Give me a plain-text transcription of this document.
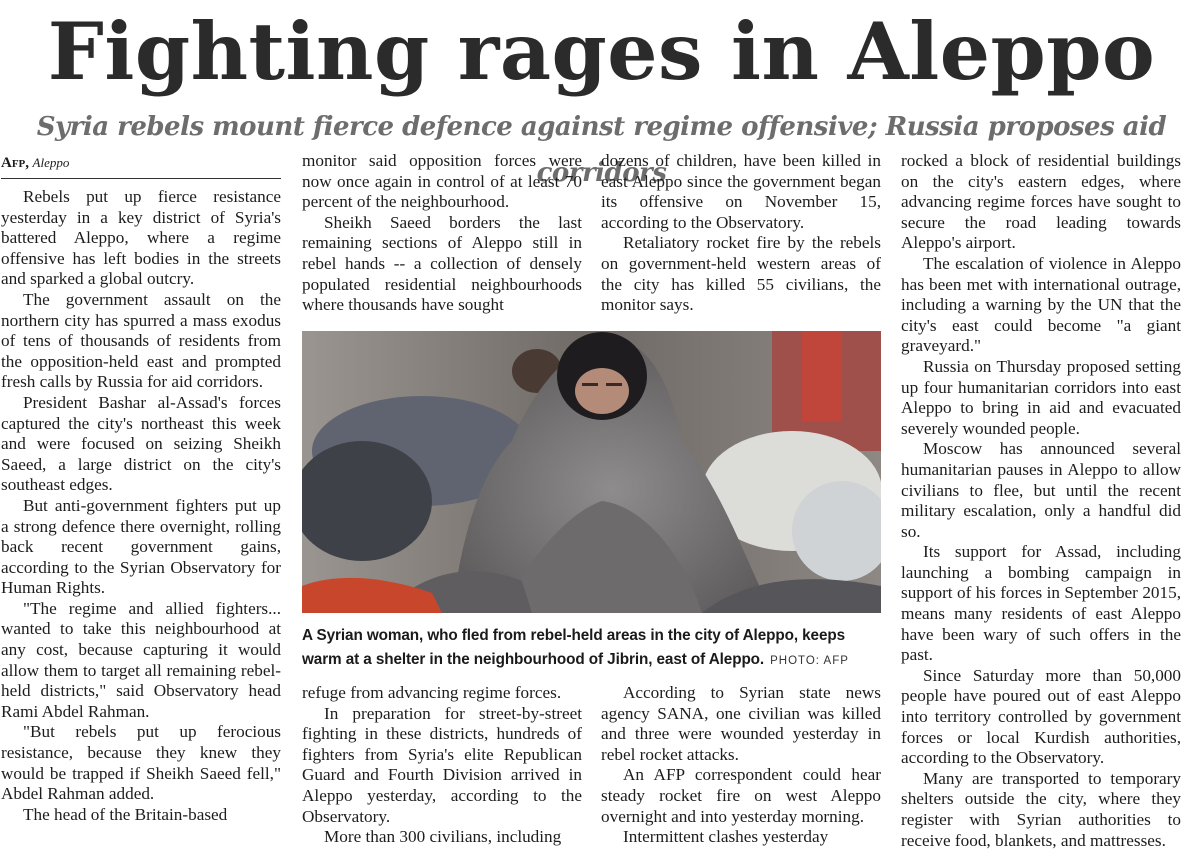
Fighting rages in Aleppo
Syria rebels mount fierce defence against regime offensive; Russia proposes aid corridors
Afp, Aleppo

Rebels put up fierce resistance yesterday in a key district of Syria's battered Aleppo, where a regime offensive has left bodies in the streets and sparked a global outcry.

The government assault on the northern city has spurred a mass exodus of tens of thousands of residents from the opposition-held east and prompted fresh calls by Russia for aid corridors.

President Bashar al-Assad's forces captured the city's northeast this week and were focused on seizing Sheikh Saeed, a large district on the city's southeast edges.

But anti-government fighters put up a strong defence there overnight, rolling back recent government gains, according to the Syrian Observatory for Human Rights.

"The regime and allied fighters... wanted to take this neighbourhood at any cost, because capturing it would allow them to target all remaining rebel-held districts," said Observatory head Rami Abdel Rahman.

"But rebels put up ferocious resistance, because they knew they would be trapped if Sheikh Saeed fell," Abdel Rahman added.

The head of the Britain-based

monitor said opposition forces were now once again in control of at least 70 percent of the neighbourhood.

Sheikh Saeed borders the last remaining sections of Aleppo still in rebel hands -- a collection of densely populated residential neighbourhoods where thousands have sought

dozens of children, have been killed in east Aleppo since the government began its offensive on November 15, according to the Observatory.

Retaliatory rocket fire by the rebels on government-held western areas of the city has killed 55 civilians, the monitor says.

rocked a block of residential buildings on the city's eastern edges, where advancing regime forces have sought to secure the road leading towards Aleppo's airport.

The escalation of violence in Aleppo has been met with international outrage, including a warning by the UN that the city's east could become "a giant graveyard."

Russia on Thursday proposed setting up four humanitarian corridors into east Aleppo to bring in aid and evacuated severely wounded people.

Moscow has announced several humanitarian pauses in Aleppo to allow civilians to flee, but until the recent military escalation, only a handful did so.

Its support for Assad, including launching a bombing campaign in support of his forces in September 2015, means many residents of east Aleppo have been wary of such offers in the past.

Since Saturday more than 50,000 people have poured out of east Aleppo into territory controlled by government forces or local Kurdish authorities, according to the Observatory.

Many are transported to temporary shelters outside the city, where they register with Syrian authorities to receive food, blankets, and mattresses.

A Syrian woman, who fled from rebel-held areas in the city of Aleppo, keeps warm at a shelter in the neighbourhood of Jibrin, east of Aleppo. PHOTO: AFP

refuge from advancing regime forces.

In preparation for street-by-street fighting in these districts, hundreds of fighters from Syria's elite Republican Guard and Fourth Division arrived in Aleppo yesterday, according to the Observatory.

More than 300 civilians, including

According to Syrian state news agency SANA, one civilian was killed and three were wounded yesterday in rebel rocket attacks.

An AFP correspondent could hear steady rocket fire on west Aleppo overnight and into yesterday morning.

Intermittent clashes yesterday
